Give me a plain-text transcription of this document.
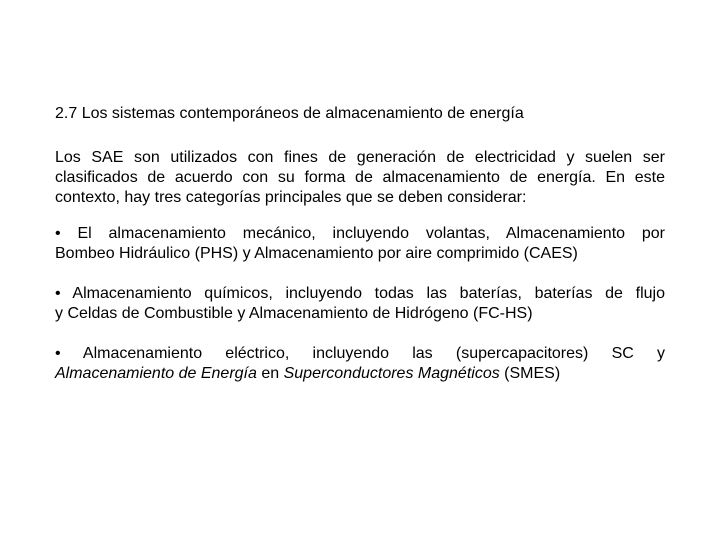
2.7 Los sistemas contemporáneos de almacenamiento de energía
Los SAE son utilizados con fines de generación de electricidad y suelen ser clasificados de acuerdo con su forma de almacenamiento de energía. En este contexto, hay tres categorías principales que se deben considerar:
• El almacenamiento mecánico, incluyendo volantas, Almacenamiento por
Bombeo Hidráulico (PHS) y Almacenamiento por aire comprimido (CAES)
• Almacenamiento químicos, incluyendo todas las baterías, baterías de flujo
y Celdas de Combustible y Almacenamiento de Hidrógeno (FC-HS)
• Almacenamiento eléctrico, incluyendo las (supercapacitores) SC y
Almacenamiento de Energía en Superconductores Magnéticos (SMES)
